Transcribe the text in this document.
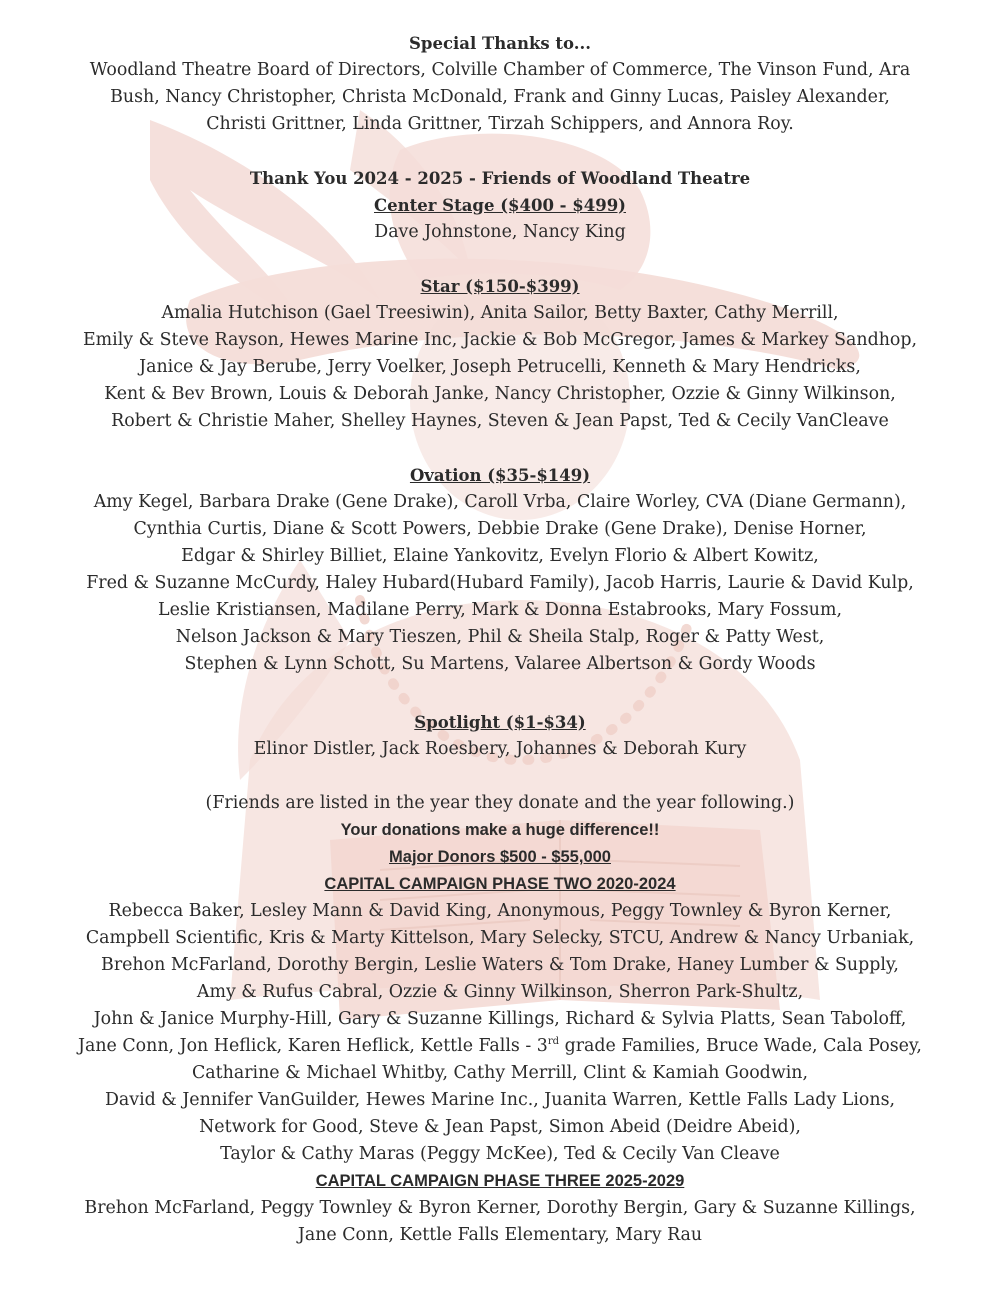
Special Thanks to...
Woodland Theatre Board of Directors, Colville Chamber of Commerce, The Vinson Fund, Ara
Bush, Nancy Christopher, Christa McDonald, Frank and Ginny Lucas, Paisley Alexander,
Christi Grittner, Linda Grittner, Tirzah Schippers, and Annora Roy.
Thank You 2024 - 2025 - Friends of Woodland Theatre
Center Stage ($400 - $499)
Dave Johnstone, Nancy King
Star ($150-$399)
Amalia Hutchison (Gael Treesiwin), Anita Sailor, Betty Baxter, Cathy Merrill,
Emily & Steve Rayson, Hewes Marine Inc, Jackie & Bob McGregor, James & Markey Sandhop,
Janice & Jay Berube, Jerry Voelker, Joseph Petrucelli, Kenneth & Mary Hendricks,
Kent & Bev Brown, Louis & Deborah Janke, Nancy Christopher, Ozzie & Ginny Wilkinson,
Robert & Christie Maher, Shelley Haynes, Steven & Jean Papst, Ted & Cecily VanCleave
Ovation ($35-$149)
Amy Kegel, Barbara Drake (Gene Drake), Caroll Vrba, Claire Worley, CVA (Diane Germann),
Cynthia Curtis, Diane & Scott Powers, Debbie Drake (Gene Drake), Denise Horner,
Edgar & Shirley Billiet, Elaine Yankovitz, Evelyn Florio & Albert Kowitz,
Fred & Suzanne McCurdy, Haley Hubard(Hubard Family), Jacob Harris, Laurie & David Kulp,
Leslie Kristiansen, Madilane Perry, Mark & Donna Estabrooks, Mary Fossum,
Nelson Jackson & Mary Tieszen, Phil & Sheila Stalp, Roger & Patty West,
Stephen & Lynn Schott, Su Martens, Valaree Albertson & Gordy Woods
Spotlight ($1-$34)
Elinor Distler, Jack Roesbery, Johannes & Deborah Kury
(Friends are listed in the year they donate and the year following.)
Your donations make a huge difference!!
Major Donors $500 - $55,000
CAPITAL CAMPAIGN PHASE TWO 2020-2024
Rebecca Baker, Lesley Mann & David King, Anonymous, Peggy Townley & Byron Kerner,
Campbell Scientific, Kris & Marty Kittelson, Mary Selecky, STCU, Andrew & Nancy Urbaniak,
Brehon McFarland, Dorothy Bergin, Leslie Waters & Tom Drake, Haney Lumber & Supply,
Amy & Rufus Cabral, Ozzie & Ginny Wilkinson, Sherron Park-Shultz,
John & Janice Murphy-Hill, Gary & Suzanne Killings, Richard & Sylvia Platts, Sean Taboloff,
Jane Conn, Jon Heflick, Karen Heflick, Kettle Falls - 3rd grade Families, Bruce Wade, Cala Posey,
Catharine & Michael Whitby, Cathy Merrill, Clint & Kamiah Goodwin,
David & Jennifer VanGuilder, Hewes Marine Inc., Juanita Warren, Kettle Falls Lady Lions,
Network for Good, Steve & Jean Papst, Simon Abeid (Deidre Abeid),
Taylor & Cathy Maras (Peggy McKee), Ted & Cecily Van Cleave
CAPITAL CAMPAIGN PHASE THREE 2025-2029
Brehon McFarland, Peggy Townley & Byron Kerner, Dorothy Bergin, Gary & Suzanne Killings,
Jane Conn, Kettle Falls Elementary, Mary Rau
